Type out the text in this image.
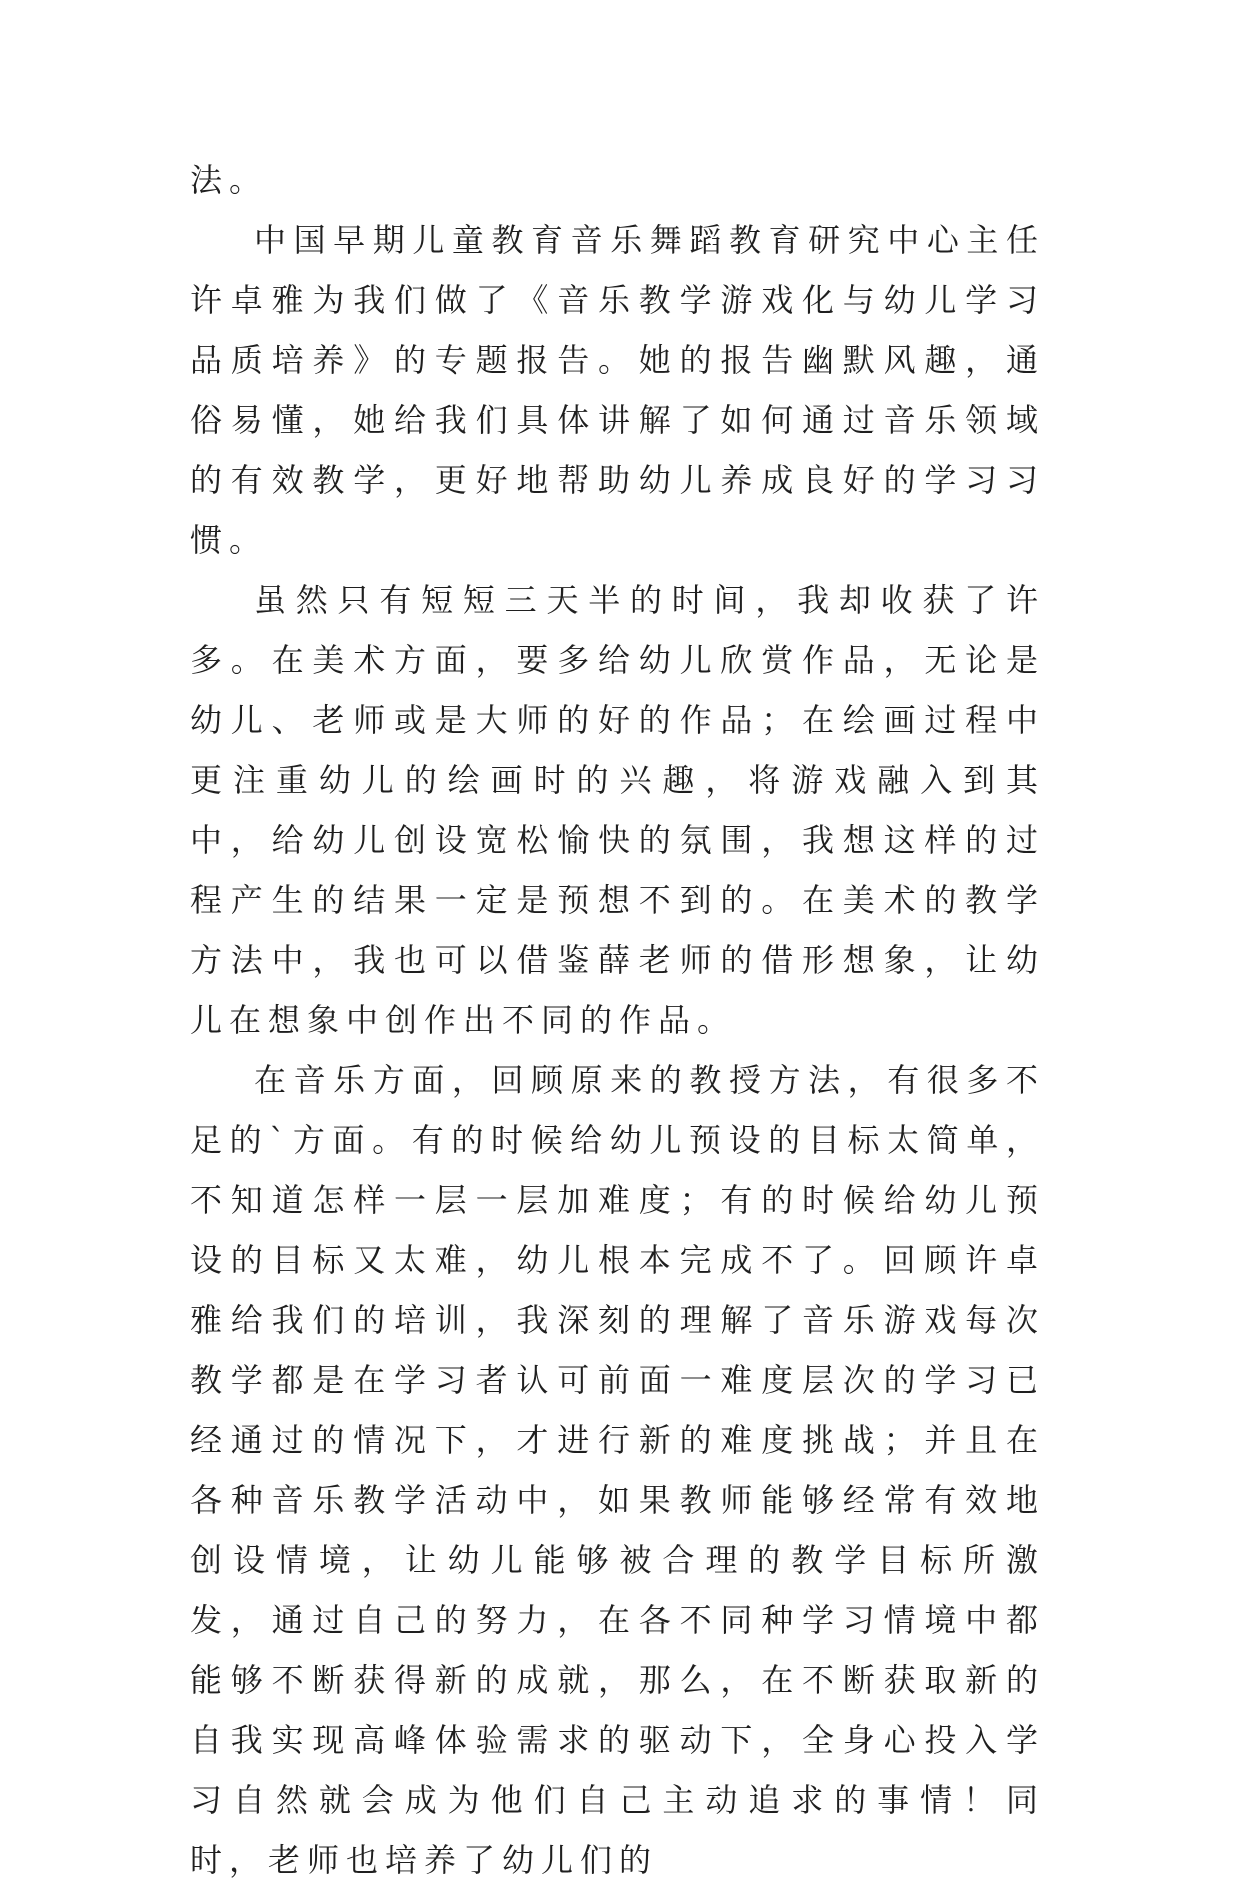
法。

中国早期儿童教育音乐舞蹈教育研究中心主任许卓雅为我们做了《音乐教学游戏化与幼儿学习品质培养》的专题报告。她的报告幽默风趣，通俗易懂，她给我们具体讲解了如何通过音乐领域的有效教学，更好地帮助幼儿养成良好的学习习惯。

虽然只有短短三天半的时间，我却收获了许多。在美术方面，要多给幼儿欣赏作品，无论是幼儿、老师或是大师的好的作品；在绘画过程中更注重幼儿的绘画时的兴趣，将游戏融入到其中，给幼儿创设宽松愉快的氛围，我想这样的过程产生的结果一定是预想不到的。在美术的教学方法中，我也可以借鉴薛老师的借形想象，让幼儿在想象中创作出不同的作品。

在音乐方面，回顾原来的教授方法，有很多不足的`方面。有的时候给幼儿预设的目标太简单，不知道怎样一层一层加难度；有的时候给幼儿预设的目标又太难，幼儿根本完成不了。回顾许卓雅给我们的培训，我深刻的理解了音乐游戏每次教学都是在学习者认可前面一难度层次的学习已经通过的情况下，才进行新的难度挑战；并且在各种音乐教学活动中，如果教师能够经常有效地创设情境，让幼儿能够被合理的教学目标所激发，通过自己的努力，在各不同种学习情境中都能够不断获得新的成就，那么，在不断获取新的自我实现高峰体验需求的驱动下，全身心投入学习自然就会成为他们自己主动追求的事情！同时，老师也培养了幼儿们的
